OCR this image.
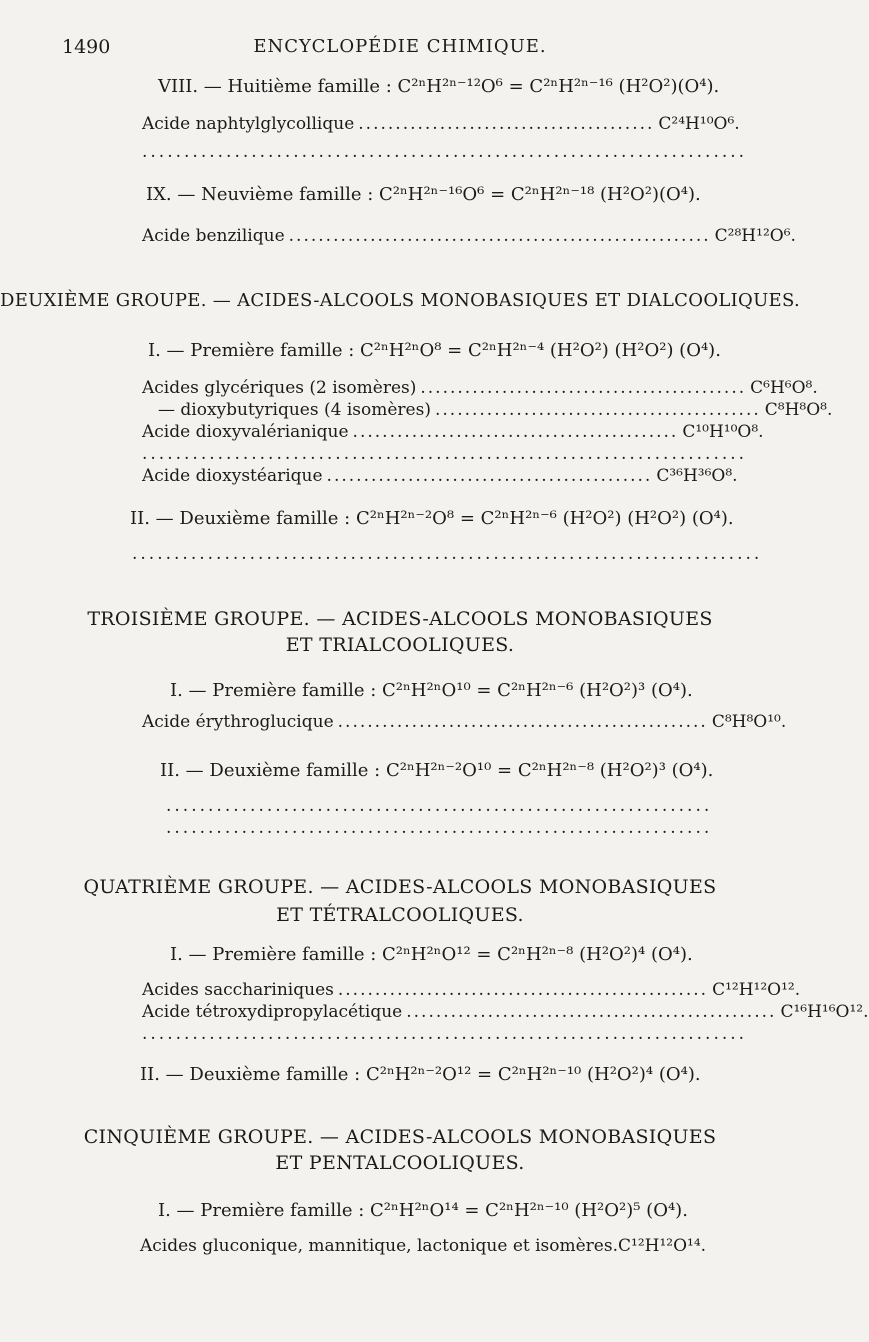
1490	ENCYCLOPÉDIE CHIMIQUE.
VIII. — Huitième famille : C²ⁿH²ⁿ⁻¹²O⁶ = C²ⁿH²ⁿ⁻¹⁶ (H²O²)(O⁴).
Acide naphtylglycollique ........................................ C²⁴H¹⁰O⁶.
........................................................................
IX. — Neuvième famille : C²ⁿH²ⁿ⁻¹⁶O⁶ = C²ⁿH²ⁿ⁻¹⁸ (H²O²)(O⁴).
Acide benzilique ......................................................... C²⁸H¹²O⁶.
DEUXIÈME GROUPE. — ACIDES-ALCOOLS MONOBASIQUES ET DIALCOOLIQUES.
I. — Première famille : C²ⁿH²ⁿO⁸ = C²ⁿH²ⁿ⁻⁴ (H²O²) (H²O²) (O⁴).
Acides glycériques (2 isomères) ............................................ C⁶H⁶O⁸.
— dioxybutyriques (4 isomères) ............................................ C⁸H⁸O⁸.
Acide dioxyvalérianique ............................................ C¹⁰H¹⁰O⁸.
........................................................................
Acide dioxystéarique ............................................ C³⁶H³⁶O⁸.
II. — Deuxième famille : C²ⁿH²ⁿ⁻²O⁸ = C²ⁿH²ⁿ⁻⁶ (H²O²) (H²O²) (O⁴).
...........................................................................
TROISIÈME GROUPE. — ACIDES-ALCOOLS MONOBASIQUES
ET TRIALCOOLIQUES.
I. — Première famille : C²ⁿH²ⁿO¹⁰ = C²ⁿH²ⁿ⁻⁶ (H²O²)³ (O⁴).
Acide érythroglucique .................................................. C⁸H⁸O¹⁰.
II. — Deuxième famille : C²ⁿH²ⁿ⁻²O¹⁰ = C²ⁿH²ⁿ⁻⁸ (H²O²)³ (O⁴).
.................................................................
.................................................................
QUATRIÈME GROUPE. — ACIDES-ALCOOLS MONOBASIQUES
ET TÉTRALCOOLIQUES.
I. — Première famille : C²ⁿH²ⁿO¹² = C²ⁿH²ⁿ⁻⁸ (H²O²)⁴ (O⁴).
Acides sacchariniques .................................................. C¹²H¹²O¹².
Acide tétroxydipropylacétique .................................................. C¹⁶H¹⁶O¹².
........................................................................
II. — Deuxième famille : C²ⁿH²ⁿ⁻²O¹² = C²ⁿH²ⁿ⁻¹⁰ (H²O²)⁴ (O⁴).
CINQUIÈME GROUPE. — ACIDES-ALCOOLS MONOBASIQUES
ET PENTALCOOLIQUES.
I. — Première famille : C²ⁿH²ⁿO¹⁴ = C²ⁿH²ⁿ⁻¹⁰ (H²O²)⁵ (O⁴).
Acides gluconique, mannitique, lactonique et isomères. C¹²H¹²O¹⁴.
